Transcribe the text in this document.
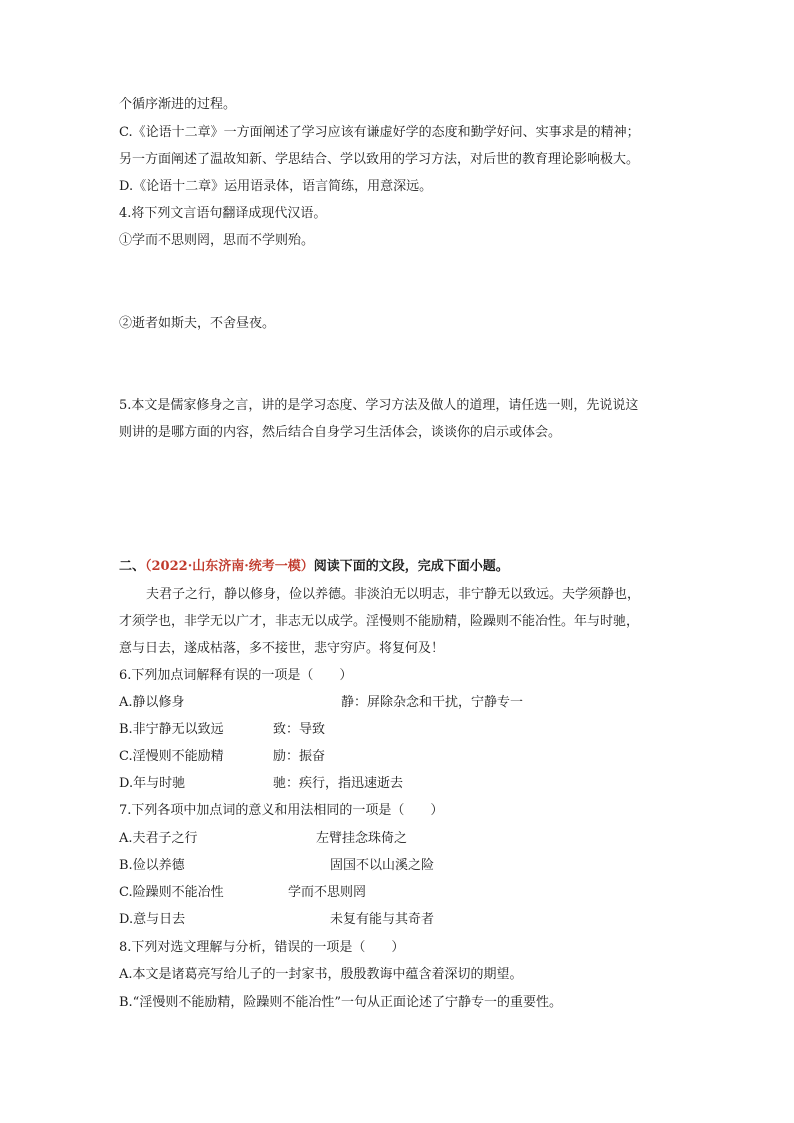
个循序渐进的过程。
C.《论语十二章》一方面阐述了学习应该有谦虚好学的态度和勤学好问、实事求是的精神；
另一方面阐述了温故知新、学思结合、学以致用的学习方法，对后世的教育理论影响极大。
D.《论语十二章》运用语录体，语言简练，用意深远。
4.将下列文言语句翻译成现代汉语。
①学而不思则罔，思而不学则殆。
②逝者如斯夫，不舍昼夜。
5.本文是儒家修身之言，讲的是学习态度、学习方法及做人的道理，请任选一则，先说说这
则讲的是哪方面的内容，然后结合自身学习生活体会，谈谈你的启示或体会。
二、（2022·山东济南·统考一模）阅读下面的文段，完成下面小题。
夫君子之行，静以修身，俭以养德。非淡泊无以明志，非宁静无以致远。夫学须静也，
才须学也，非学无以广才，非志无以成学。淫慢则不能励精，险躁则不能冶性。年与时驰，
意与日去，遂成枯落，多不接世，悲守穷庐。将复何及！
6.下列加点词解释有误的一项是（　　）
A.静以修身	静：屏除杂念和干扰，宁静专一
B.非宁静无以致远	致：导致
C.淫慢则不能励精	励：振奋
D.年与时驰	驰：疾行，指迅速逝去
7.下列各项中加点词的意义和用法相同的一项是（　　）
A.夫君子之行	左臂挂念珠倚之
B.俭以养德	固国不以山溪之险
C.险躁则不能冶性	学而不思则罔
D.意与日去	未复有能与其奇者
8.下列对选文理解与分析，错误的一项是（　　）
A.本文是诸葛亮写给儿子的一封家书，殷殷教诲中蕴含着深切的期望。
B.“淫慢则不能励精，险躁则不能冶性”一句从正面论述了宁静专一的重要性。
